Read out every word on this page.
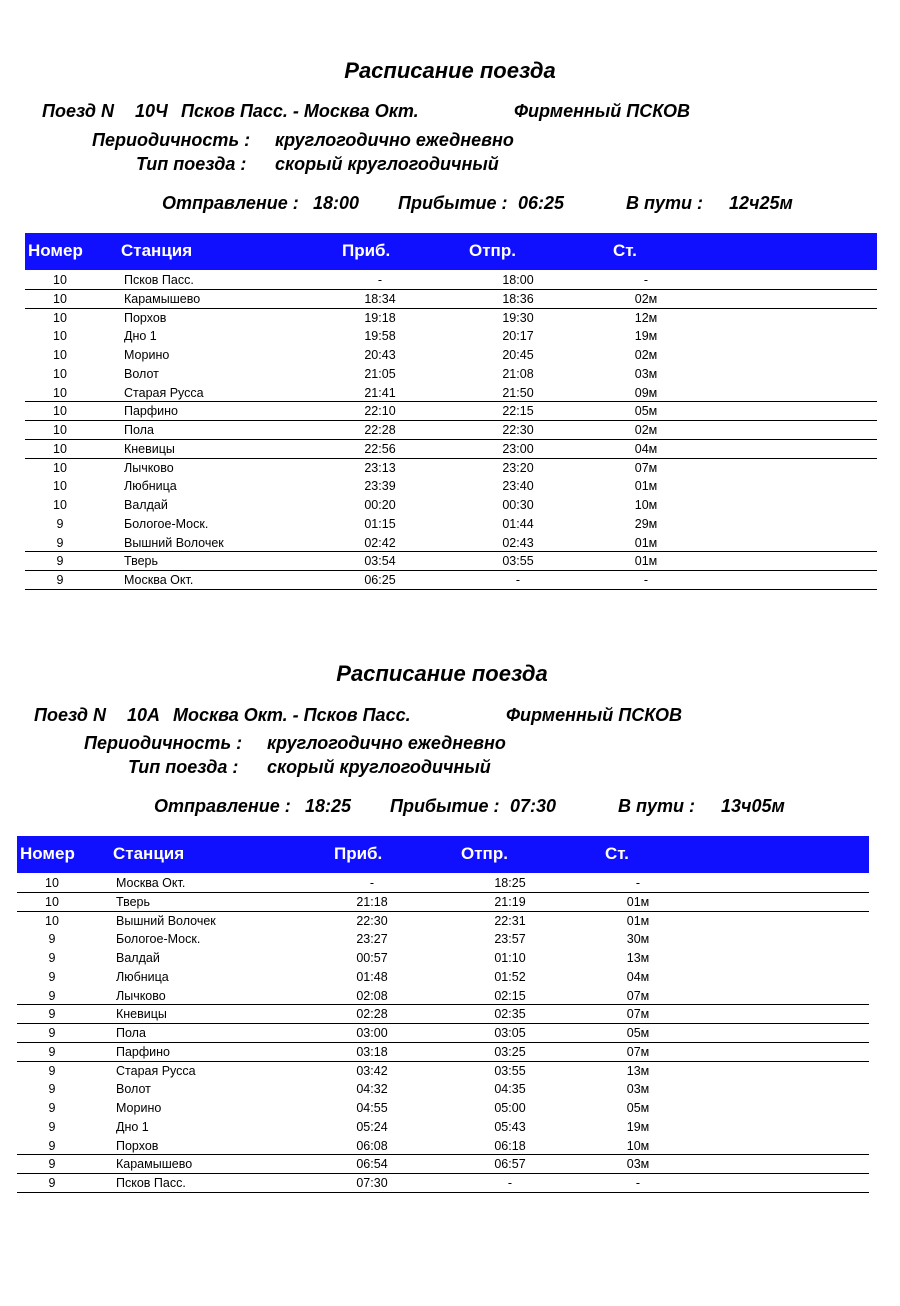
Расписание поезда
Поезд N 10Ч Псков Пасс. - Москва Окт.	Фирменный ПСКОВ
Периодичность : круглогодично ежедневно
Тип поезда : скорый круглогодичный
Отправление : 18:00 Прибытие : 06:25	В пути : 12ч25м
Номер Станция	Приб.	Отпр.	Ст.
10	Псков Пасс.	-	18:00	-
10	Карамышево	18:34	18:36	02м
10	Порхов	19:18	19:30	12м
10	Дно 1	19:58	20:17	19м
10	Морино	20:43	20:45	02м
10	Волот	21:05	21:08	03м
10	Старая Русса	21:41	21:50	09м
10	Парфино	22:10	22:15	05м
10	Пола	22:28	22:30	02м
10	Кневицы	22:56	23:00	04м
10	Лычково	23:13	23:20	07м
10	Любница	23:39	23:40	01м
10	Валдай	00:20	00:30	10м
9	Бологое-Моск.	01:15	01:44	29м
9	Вышний Волочек	02:42	02:43	01м
9	Тверь	03:54	03:55	01м
9	Москва Окт.	06:25	-	-
Расписание поезда
Поезд N 10А Москва Окт. - Псков Пасс.	Фирменный ПСКОВ
Периодичность : круглогодично ежедневно
Тип поезда : скорый круглогодичный
Отправление : 18:25 Прибытие : 07:30	В пути : 13ч05м
Номер Станция	Приб.	Отпр.	Ст.
10	Москва Окт.	-	18:25	-
10	Тверь	21:18	21:19	01м
10	Вышний Волочек	22:30	22:31	01м
9	Бологое-Моск.	23:27	23:57	30м
9	Валдай	00:57	01:10	13м
9	Любница	01:48	01:52	04м
9	Лычково	02:08	02:15	07м
9	Кневицы	02:28	02:35	07м
9	Пола	03:00	03:05	05м
9	Парфино	03:18	03:25	07м
9	Старая Русса	03:42	03:55	13м
9	Волот	04:32	04:35	03м
9	Морино	04:55	05:00	05м
9	Дно 1	05:24	05:43	19м
9	Порхов	06:08	06:18	10м
9	Карамышево	06:54	06:57	03м
9	Псков Пасс.	07:30	-	-
